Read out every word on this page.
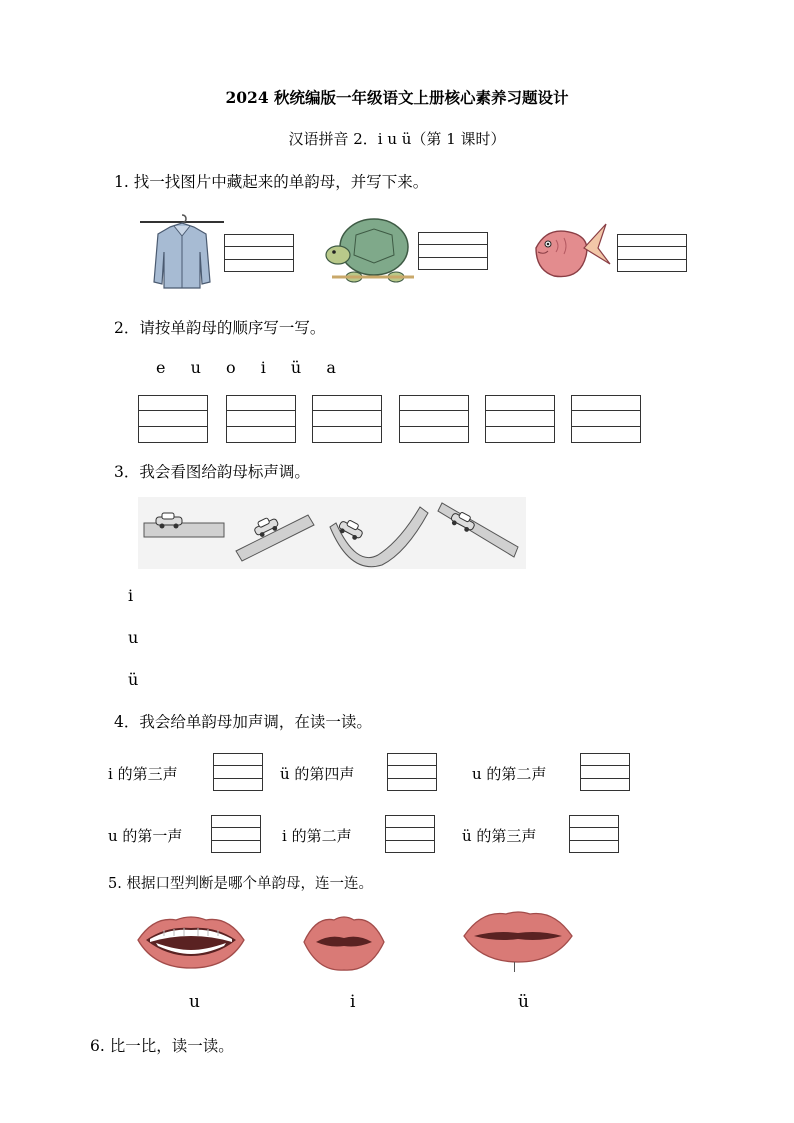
2024 秋统编版一年级语文上册核心素养习题设计
汉语拼音 2．i u ü（第 1 课时）
1. 找一找图片中藏起来的单韵母，并写下来。
2．请按单韵母的顺序写一写。
e u o i ü a
3．我会看图给韵母标声调。
i
u
ü
4．我会给单韵母加声调，在读一读。
i 的第三声	ü 的第四声	u 的第二声
u 的第一声	i 的第二声	ü 的第三声
5. 根据口型判断是哪个单韵母，连一连。
u	i	ü
6. 比一比，读一读。
